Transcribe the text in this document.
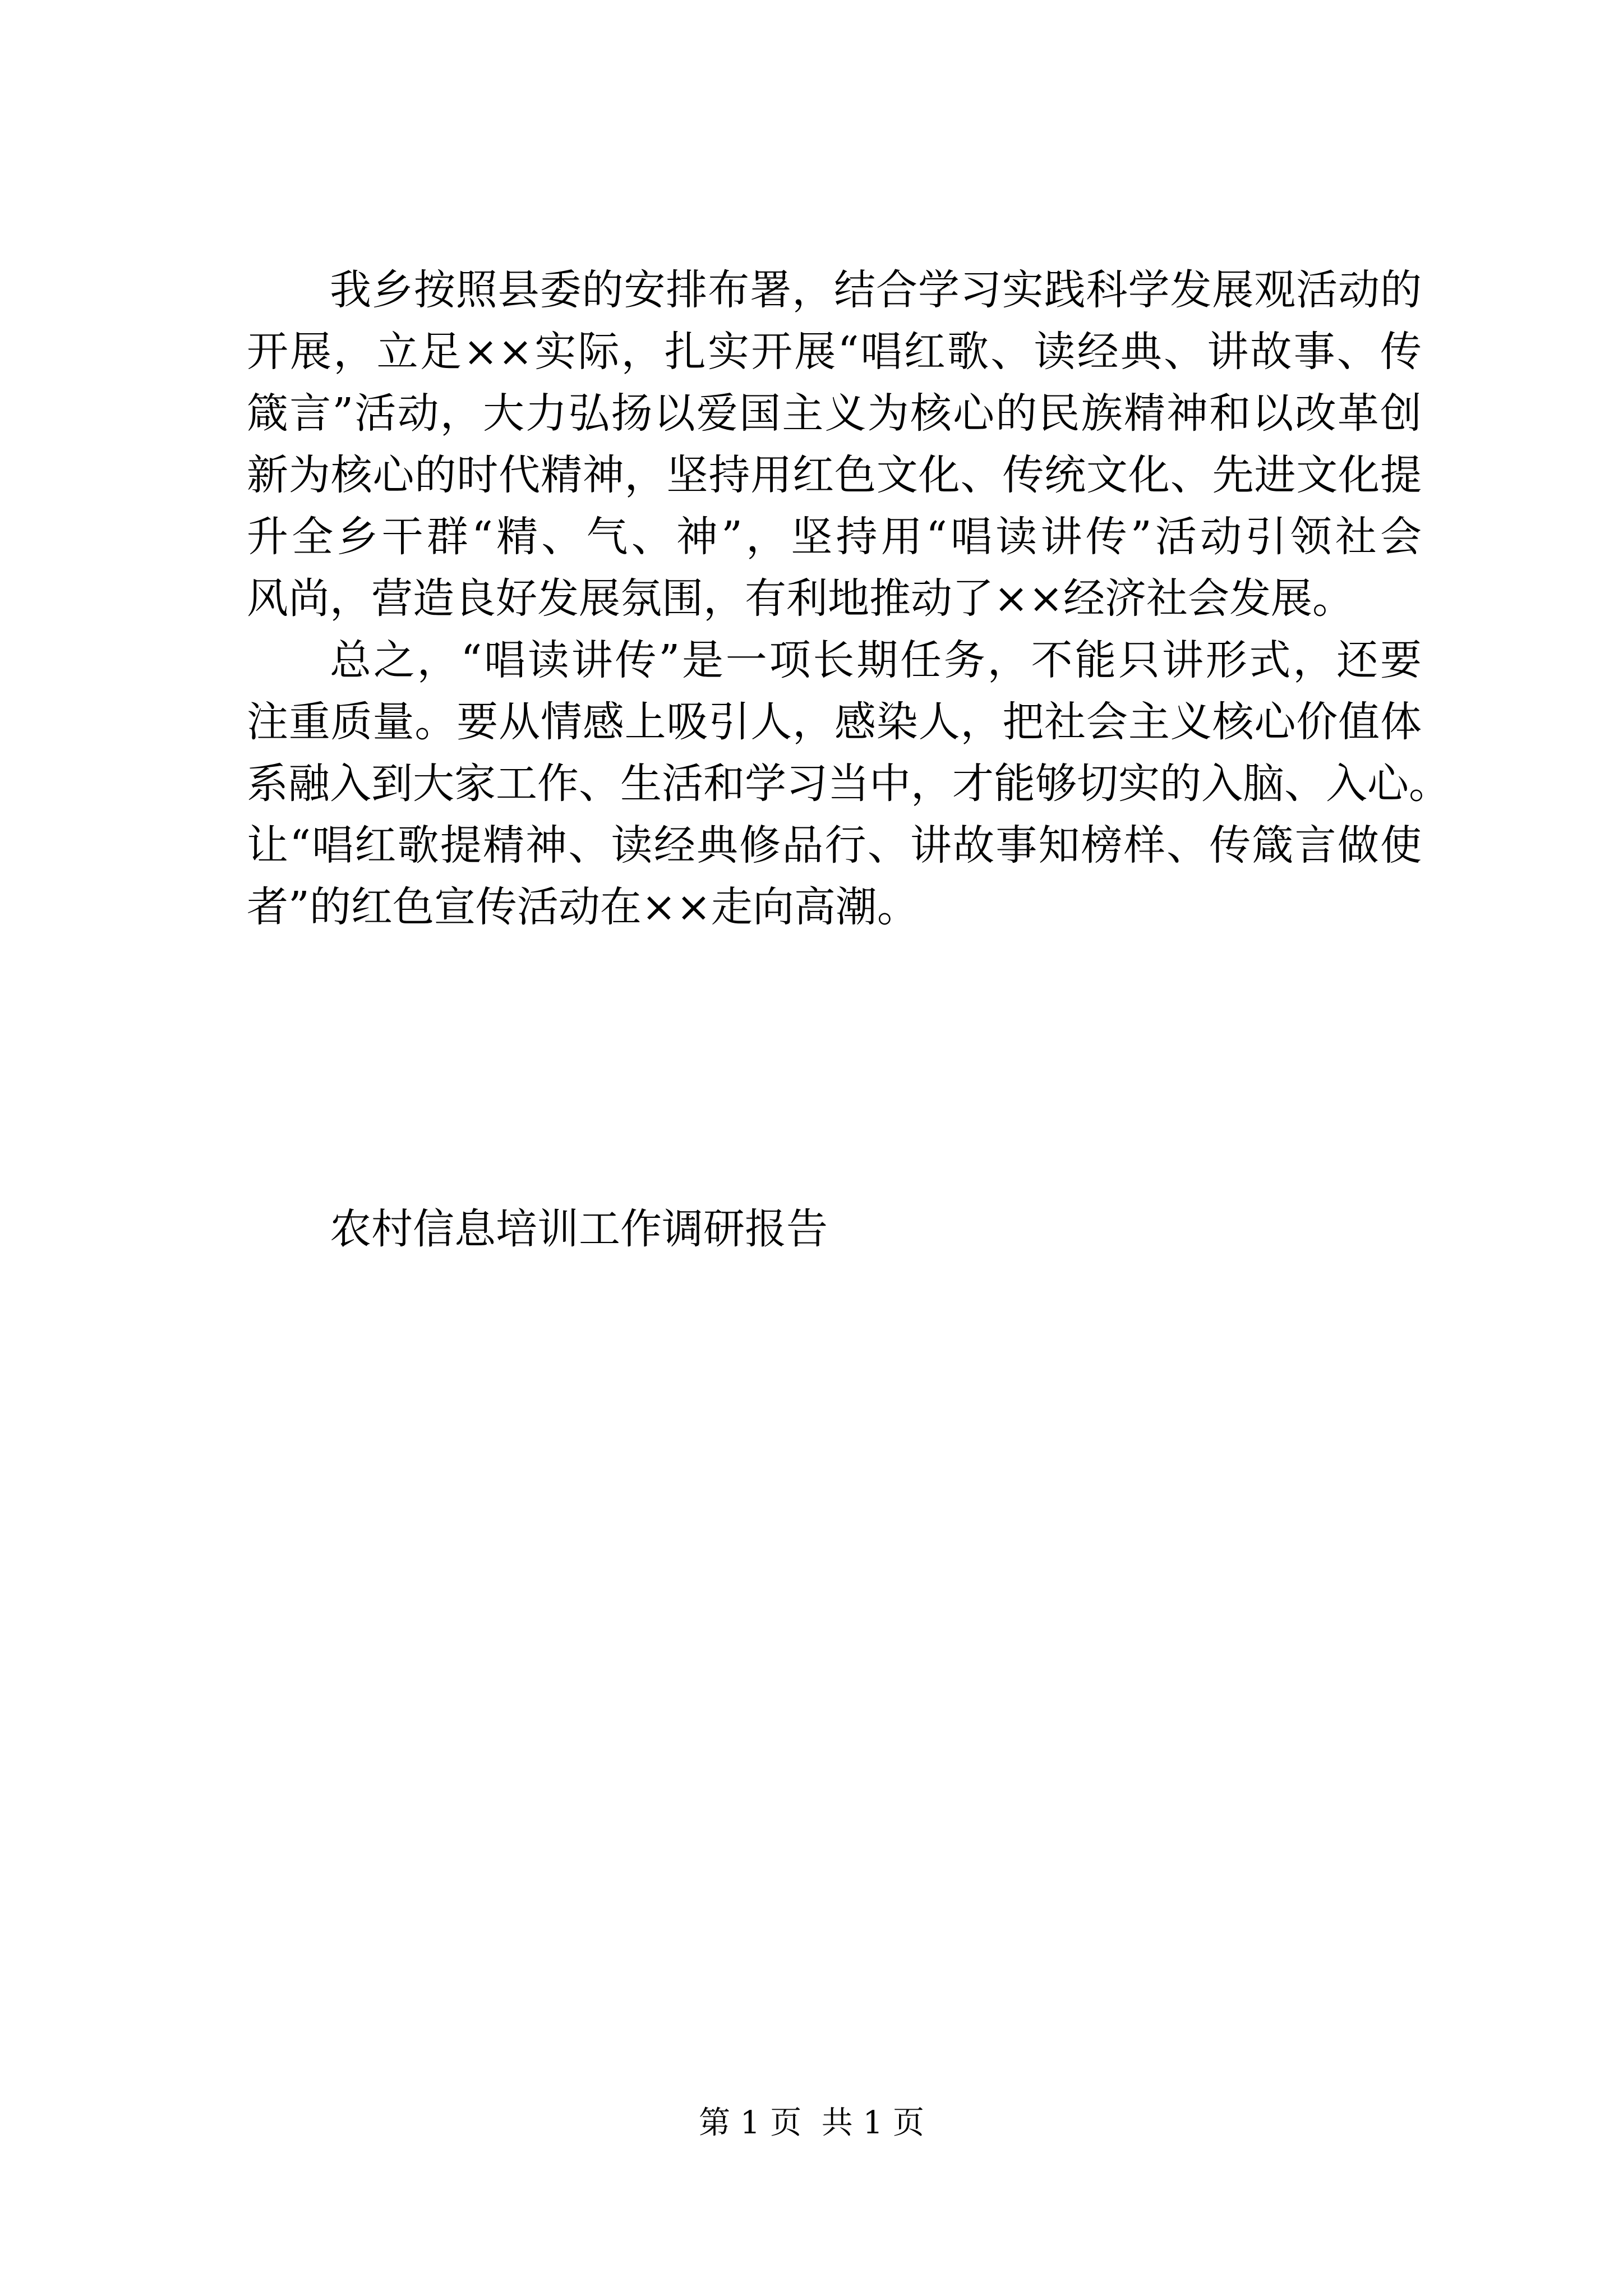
我乡按照县委的安排布署，结合学习实践科学发展观活动的
开展，立足××实际，扎实开展“唱红歌、读经典、讲故事、传
箴言”活动，大力弘扬以爱国主义为核心的民族精神和以改革创
新为核心的时代精神，坚持用红色文化、传统文化、先进文化提
升全乡干群“精、气、神”，坚持用“唱读讲传”活动引领社会
风尚，营造良好发展氛围，有利地推动了××经济社会发展。
总之，“唱读讲传”是一项长期任务，不能只讲形式，还要
注重质量。要从情感上吸引人，感染人，把社会主义核心价值体
系融入到大家工作、生活和学习当中，才能够切实的入脑、入心。
让“唱红歌提精神、读经典修品行、讲故事知榜样、传箴言做使
者”的红色宣传活动在××走向高潮。
农村信息培训工作调研报告
第 1 页  共 1 页
